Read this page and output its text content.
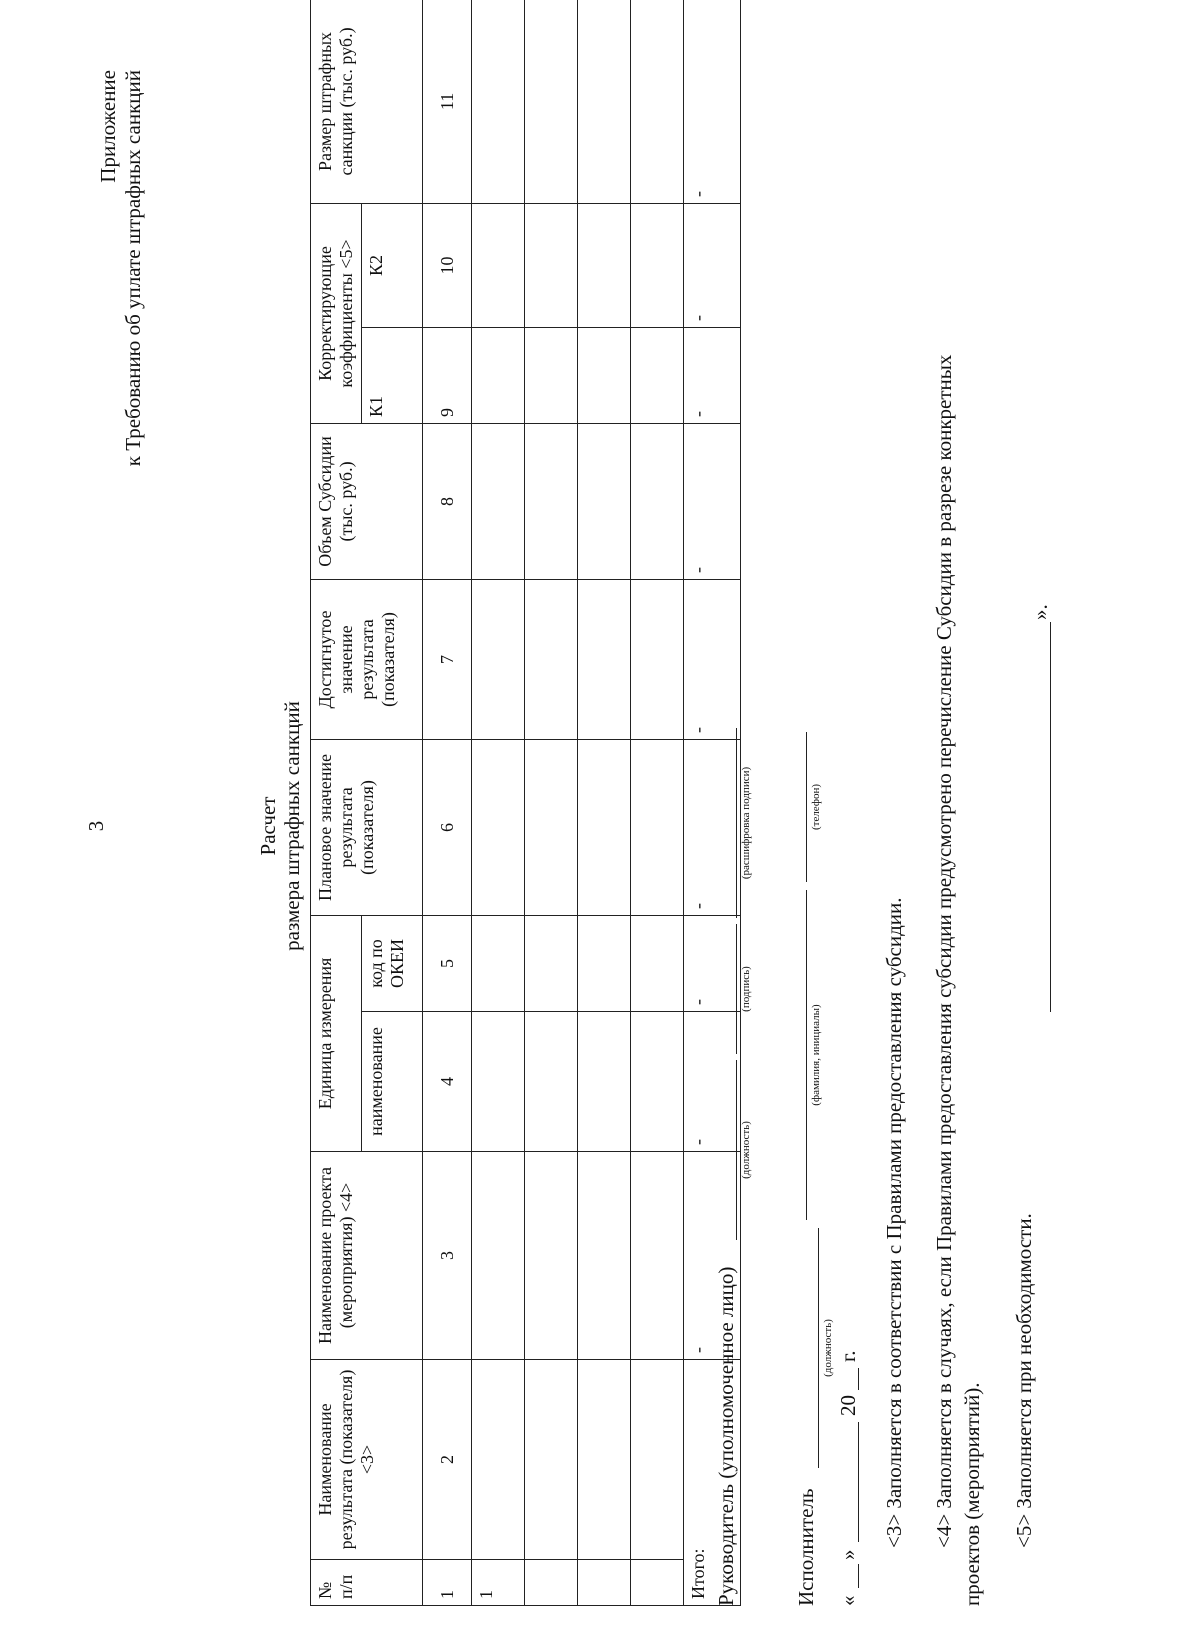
3
Приложение к Требованию об уплате штрафных санкций
Расчет размера штрафных санкций
№ п/п	Наименование результата (показателя) <3>	Наименование проекта (мероприятия) <4>	Единица измерения		Плановое значение результата (показателя)	Достигнутое значение результата (показателя)	Объем Субсидии (тыс. руб.)	Корректирующие коэффициенты <5>		Размер штрафных санкции (тыс. руб.)
			наименование	код по ОКЕИ				К1	К2	
1	2	3	4	5	6	7	8	9	10	11
1										

Итого:		-	-	-	-	-	-	-	-	-
Руководитель (уполномоченное лицо)
(должность)
(подпись)
(расшифровка подписи)
Исполнитель
(должность)
(фамилия, инициалы)
(телефон)
«
»
20
г. <3> Заполняется в соответствии с Правилами предоставления субсидии. <4> Заполняется в случаях, если Правилами предоставления субсидии предусмотрено перечисление Субсидии в разрезе конкретных проектов (мероприятий). <5> Заполняется при необходимости.
».
